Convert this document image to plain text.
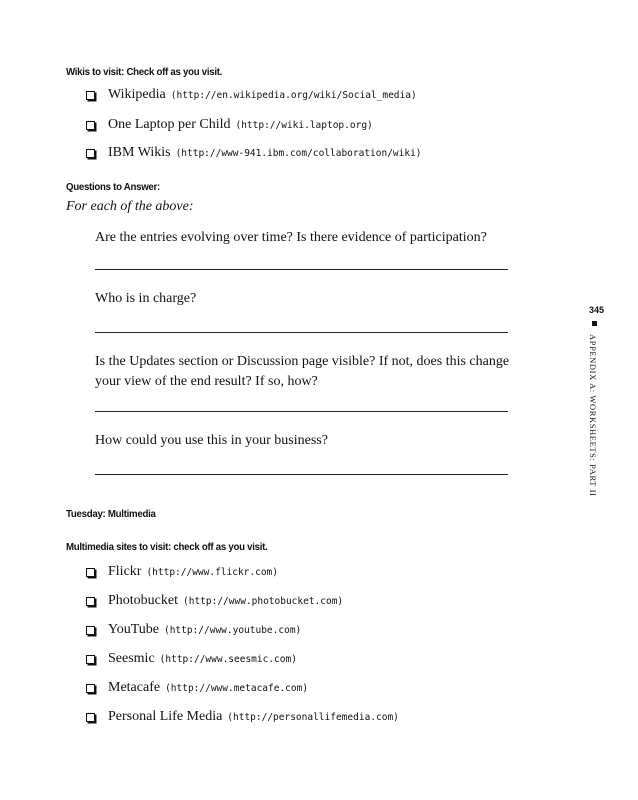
Wikis to visit: Check off as you visit.
Wikipedia (http://en.wikipedia.org/wiki/Social_media)
One Laptop per Child (http://wiki.laptop.org)
IBM Wikis (http://www-941.ibm.com/collaboration/wiki)
Questions to Answer:
For each of the above:
Are the entries evolving over time? Is there evidence of participation?
Who is in charge?
Is the Updates section or Discussion page visible? If not, does this change your view of the end result? If so, how?
How could you use this in your business?
Tuesday: Multimedia
Multimedia sites to visit: check off as you visit.
Flickr (http://www.flickr.com)
Photobucket (http://www.photobucket.com)
YouTube (http://www.youtube.com)
Seesmic (http://www.seesmic.com)
Metacafe (http://www.metacafe.com)
Personal Life Media (http://personallifemedia.com)
345
APPENDIX A: WORKSHEETS: PART II
